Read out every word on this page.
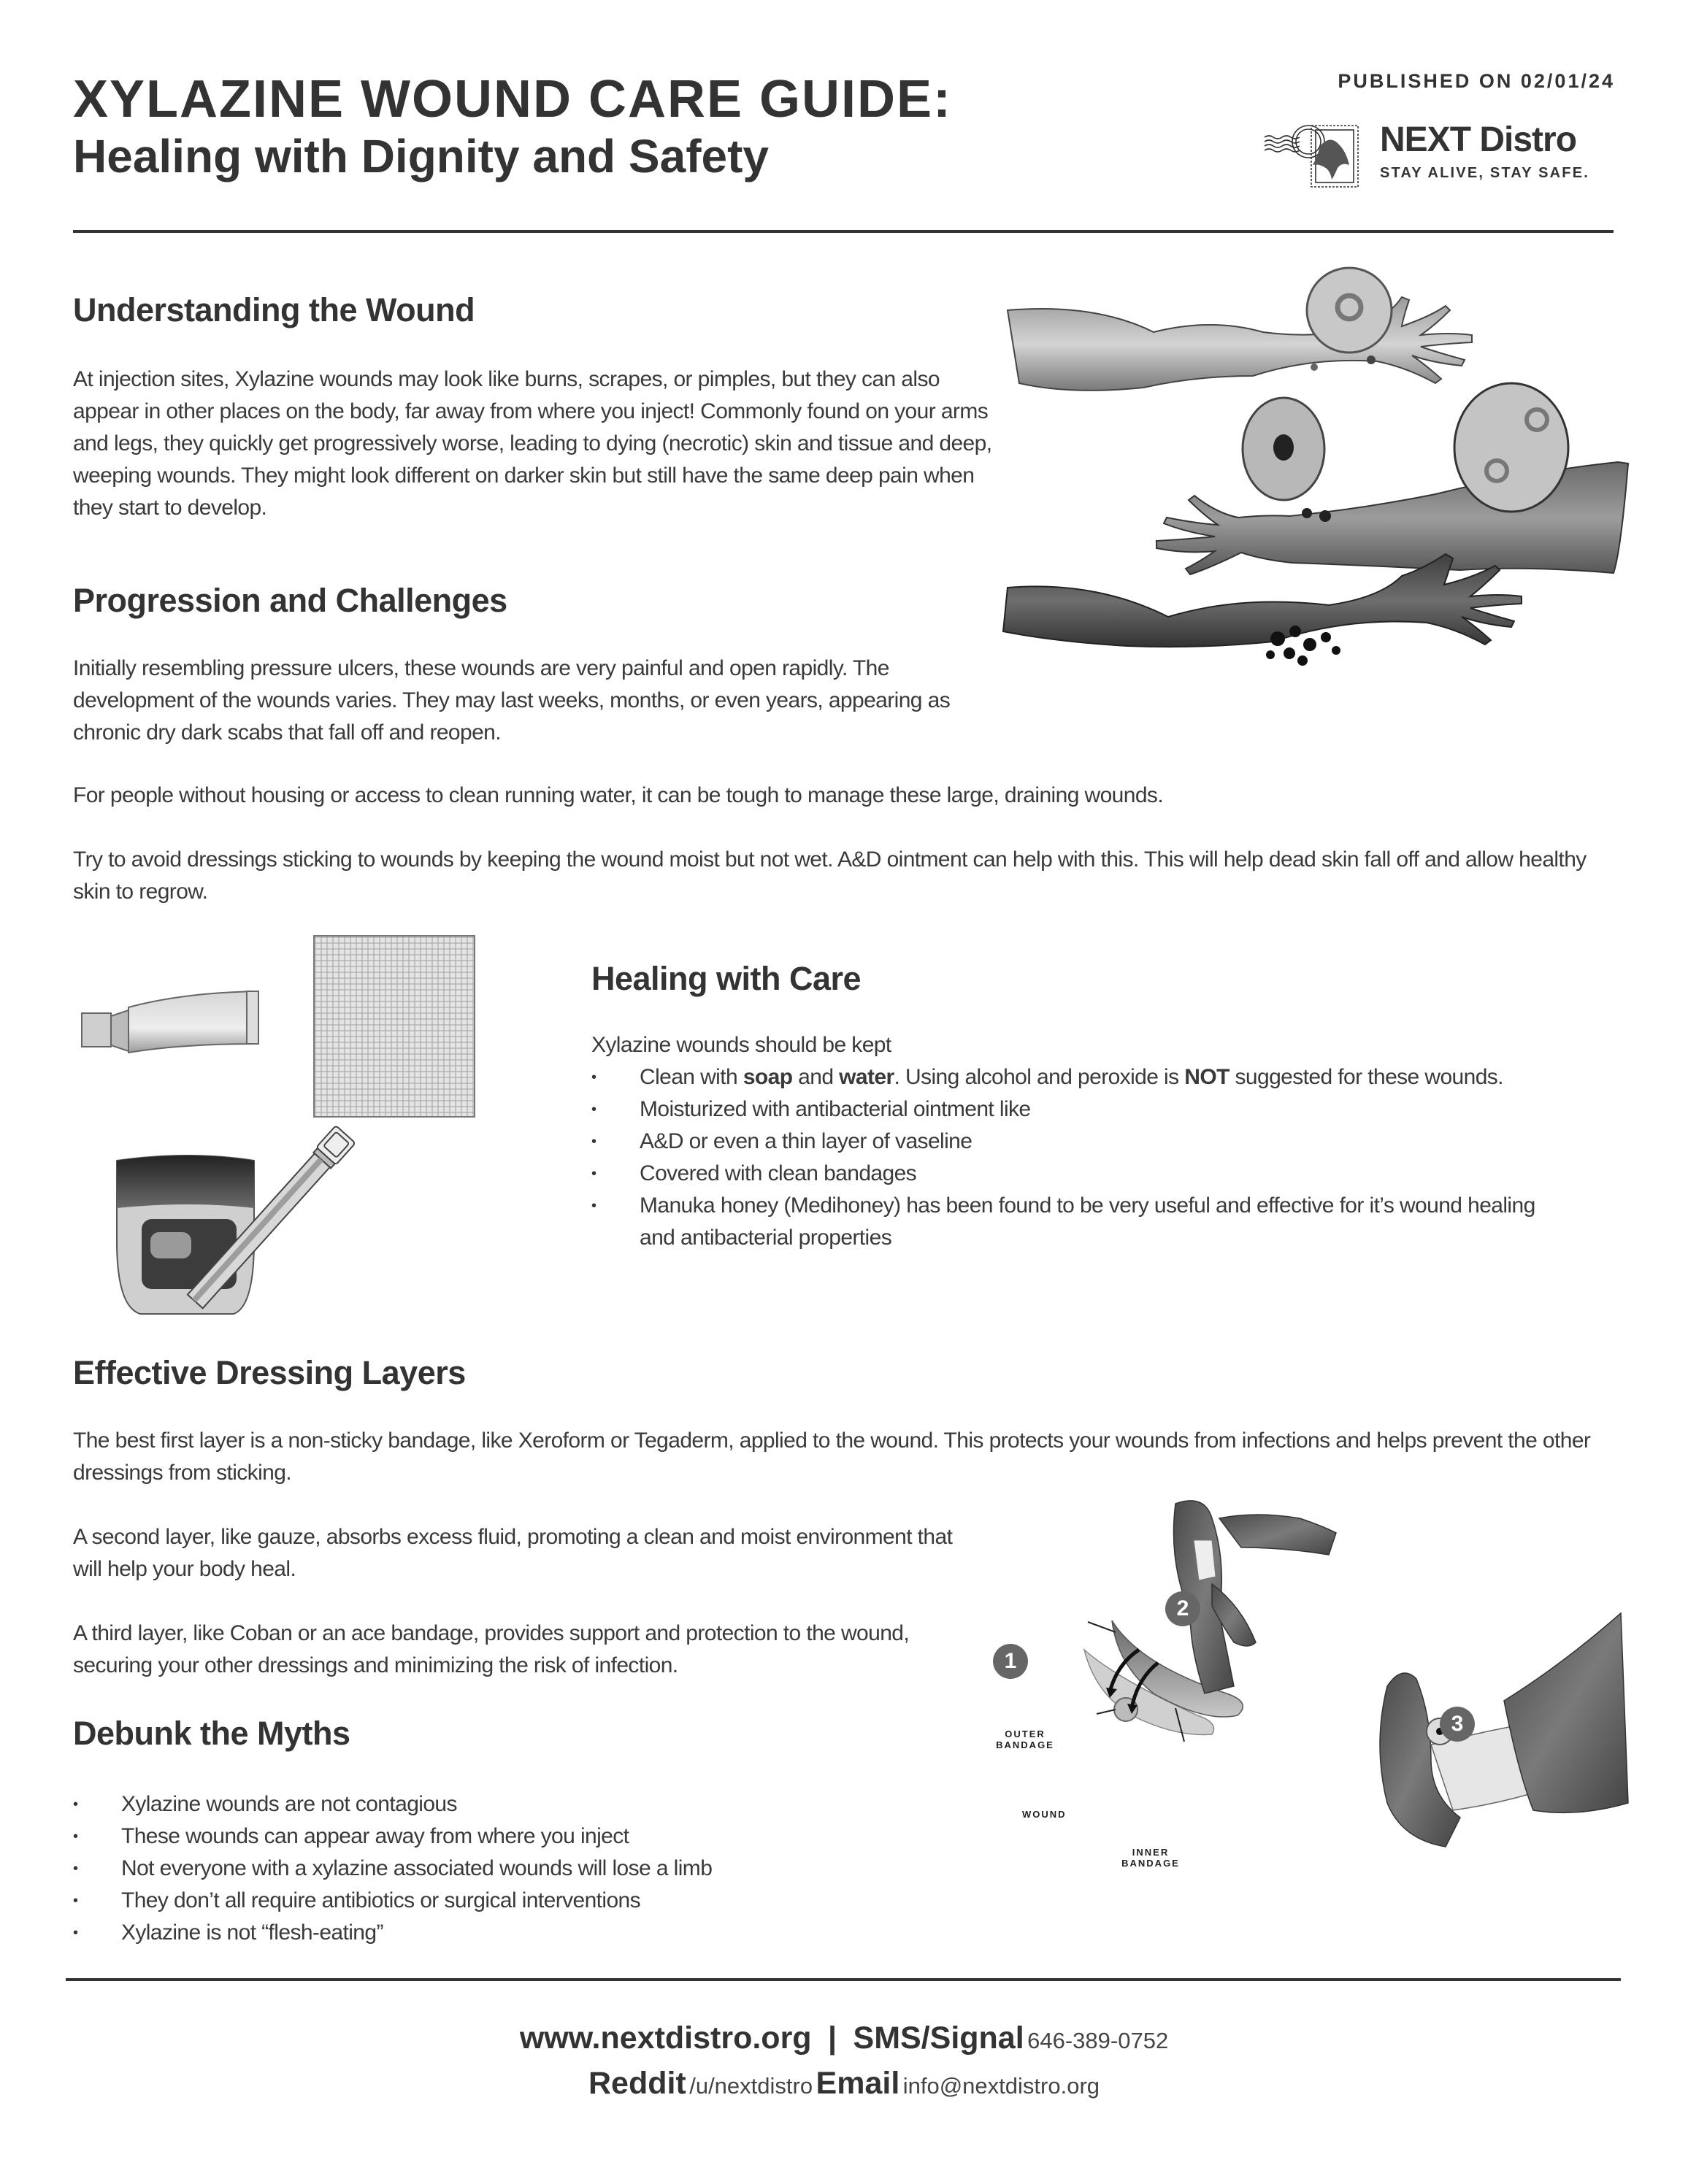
XYLAZINE WOUND CARE GUIDE:
Healing with Dignity and Safety
PUBLISHED ON 02/01/24
NEXT Distro
STAY ALIVE, STAY SAFE.
Understanding the Wound

At injection sites, Xylazine wounds may look like burns, scrapes, or pimples, but they can also appear in other places on the body, far away from where you inject! Commonly found on your arms and legs, they quickly get progressively worse, leading to dying (necrotic) skin and tissue and deep, weeping wounds. They might look different on darker skin but still have the same deep pain when they start to develop.

Progression and Challenges

Initially resembling pressure ulcers, these wounds are very painful and open rapidly. The development of the wounds varies. They may last weeks, months, or even years, appearing as chronic dry dark scabs that fall off and reopen.

For people without housing or access to clean running water, it can be tough to manage these large, draining wounds.

Try to avoid dressings sticking to wounds by keeping the wound moist but not wet. A&D ointment can help with this. This will help dead skin fall off and allow healthy skin to regrow.

Healing with Care

Xylazine wounds should be kept

• Clean with soap and water. Using alcohol and peroxide is NOT suggested for these wounds.
• Moisturized with antibacterial ointment like
• A&D or even a thin layer of vaseline
• Covered with clean bandages
• Manuka honey (Medihoney) has been found to be very useful and effective for it’s wound healing and antibacterial properties
Effective Dressing Layers

The best first layer is a non-sticky bandage, like Xeroform or Tegaderm, applied to the wound. This protects your wounds from infections and helps prevent the other dressings from sticking.

A second layer, like gauze, absorbs excess fluid, promoting a clean and moist environment that will help your body heal.

A third layer, like Coban or an ace bandage, provides support and protection to the wound, securing your other dressings and minimizing the risk of infection.

Debunk the Myths
• Xylazine wounds are not contagious
• These wounds can appear away from where you inject
• Not everyone with a xylazine associated wounds will lose a limb
• They don’t all require antibiotics or surgical interventions
• Xylazine is not “flesh-eating”
1
2
3
OUTER BANDAGE
WOUND
INNER BANDAGE
www.nextdistro.org | SMS/Signal 646-389-0752
Reddit /u/nextdistro Email info@nextdistro.org
